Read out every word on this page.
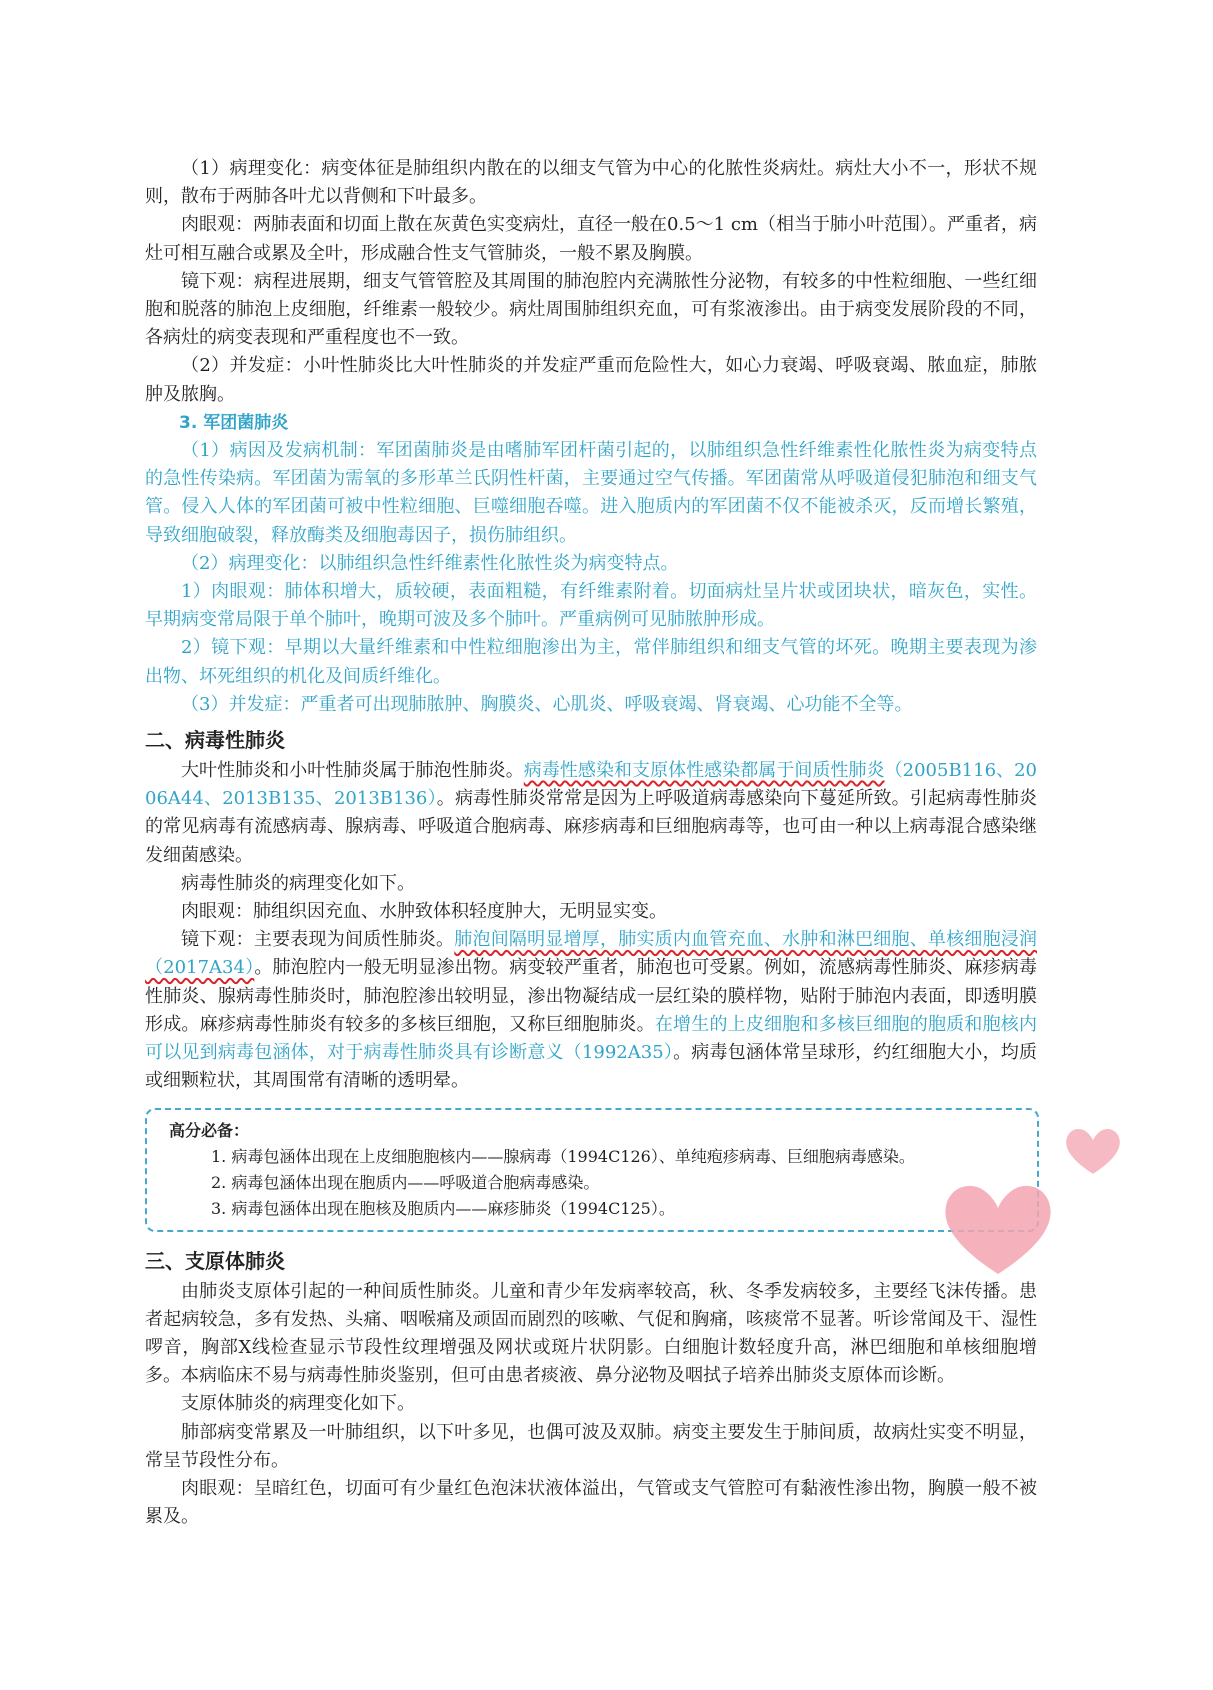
（1）病理变化：病变体征是肺组织内散在的以细支气管为中心的化脓性炎病灶。病灶大小不一，形状不规则，散布于两肺各叶尤以背侧和下叶最多。

肉眼观：两肺表面和切面上散在灰黄色实变病灶，直径一般在0.5～1 cm（相当于肺小叶范围）。严重者，病灶可相互融合或累及全叶，形成融合性支气管肺炎，一般不累及胸膜。

镜下观：病程进展期，细支气管管腔及其周围的肺泡腔内充满脓性分泌物，有较多的中性粒细胞、一些红细胞和脱落的肺泡上皮细胞，纤维素一般较少。病灶周围肺组织充血，可有浆液渗出。由于病变发展阶段的不同，各病灶的病变表现和严重程度也不一致。

（2）并发症：小叶性肺炎比大叶性肺炎的并发症严重而危险性大，如心力衰竭、呼吸衰竭、脓血症，肺脓肿及脓胸。

3. 军团菌肺炎

（1）病因及发病机制：军团菌肺炎是由嗜肺军团杆菌引起的，以肺组织急性纤维素性化脓性炎为病变特点的急性传染病。军团菌为需氧的多形革兰氏阴性杆菌，主要通过空气传播。军团菌常从呼吸道侵犯肺泡和细支气管。侵入人体的军团菌可被中性粒细胞、巨噬细胞吞噬。进入胞质内的军团菌不仅不能被杀灭，反而增长繁殖，导致细胞破裂，释放酶类及细胞毒因子，损伤肺组织。

（2）病理变化：以肺组织急性纤维素性化脓性炎为病变特点。

1）肉眼观：肺体积增大，质较硬，表面粗糙，有纤维素附着。切面病灶呈片状或团块状，暗灰色，实性。早期病变常局限于单个肺叶，晚期可波及多个肺叶。严重病例可见肺脓肿形成。

2）镜下观：早期以大量纤维素和中性粒细胞渗出为主，常伴肺组织和细支气管的坏死。晚期主要表现为渗出物、坏死组织的机化及间质纤维化。

（3）并发症：严重者可出现肺脓肿、胸膜炎、心肌炎、呼吸衰竭、肾衰竭、心功能不全等。

二、病毒性肺炎

大叶性肺炎和小叶性肺炎属于肺泡性肺炎。病毒性感染和支原体性感染都属于间质性肺炎（2005B116、2006A44、2013B135、2013B136）。病毒性肺炎常常是因为上呼吸道病毒感染向下蔓延所致。引起病毒性肺炎的常见病毒有流感病毒、腺病毒、呼吸道合胞病毒、麻疹病毒和巨细胞病毒等，也可由一种以上病毒混合感染继发细菌感染。

病毒性肺炎的病理变化如下。

肉眼观：肺组织因充血、水肿致体积轻度肿大，无明显实变。

镜下观：主要表现为间质性肺炎。肺泡间隔明显增厚，肺实质内血管充血、水肿和淋巴细胞、单核细胞浸润（2017A34）。肺泡腔内一般无明显渗出物。病变较严重者，肺泡也可受累。例如，流感病毒性肺炎、麻疹病毒性肺炎、腺病毒性肺炎时，肺泡腔渗出较明显，渗出物凝结成一层红染的膜样物，贴附于肺泡内表面，即透明膜形成。麻疹病毒性肺炎有较多的多核巨细胞，又称巨细胞肺炎。在增生的上皮细胞和多核巨细胞的胞质和胞核内可以见到病毒包涵体，对于病毒性肺炎具有诊断意义（1992A35）。病毒包涵体常呈球形，约红细胞大小，均质或细颗粒状，其周围常有清晰的透明晕。

高分必备：
1. 病毒包涵体出现在上皮细胞胞核内——腺病毒（1994C126）、单纯疱疹病毒、巨细胞病毒感染。
2. 病毒包涵体出现在胞质内——呼吸道合胞病毒感染。
3. 病毒包涵体出现在胞核及胞质内——麻疹肺炎（1994C125）。

三、支原体肺炎

由肺炎支原体引起的一种间质性肺炎。儿童和青少年发病率较高，秋、冬季发病较多，主要经飞沫传播。患者起病较急，多有发热、头痛、咽喉痛及顽固而剧烈的咳嗽、气促和胸痛，咳痰常不显著。听诊常闻及干、湿性啰音，胸部X线检查显示节段性纹理增强及网状或斑片状阴影。白细胞计数轻度升高，淋巴细胞和单核细胞增多。本病临床不易与病毒性肺炎鉴别，但可由患者痰液、鼻分泌物及咽拭子培养出肺炎支原体而诊断。

支原体肺炎的病理变化如下。

肺部病变常累及一叶肺组织，以下叶多见，也偶可波及双肺。病变主要发生于肺间质，故病灶实变不明显，常呈节段性分布。

肉眼观：呈暗红色，切面可有少量红色泡沫状液体溢出，气管或支气管腔可有黏液性渗出物，胸膜一般不被累及。
